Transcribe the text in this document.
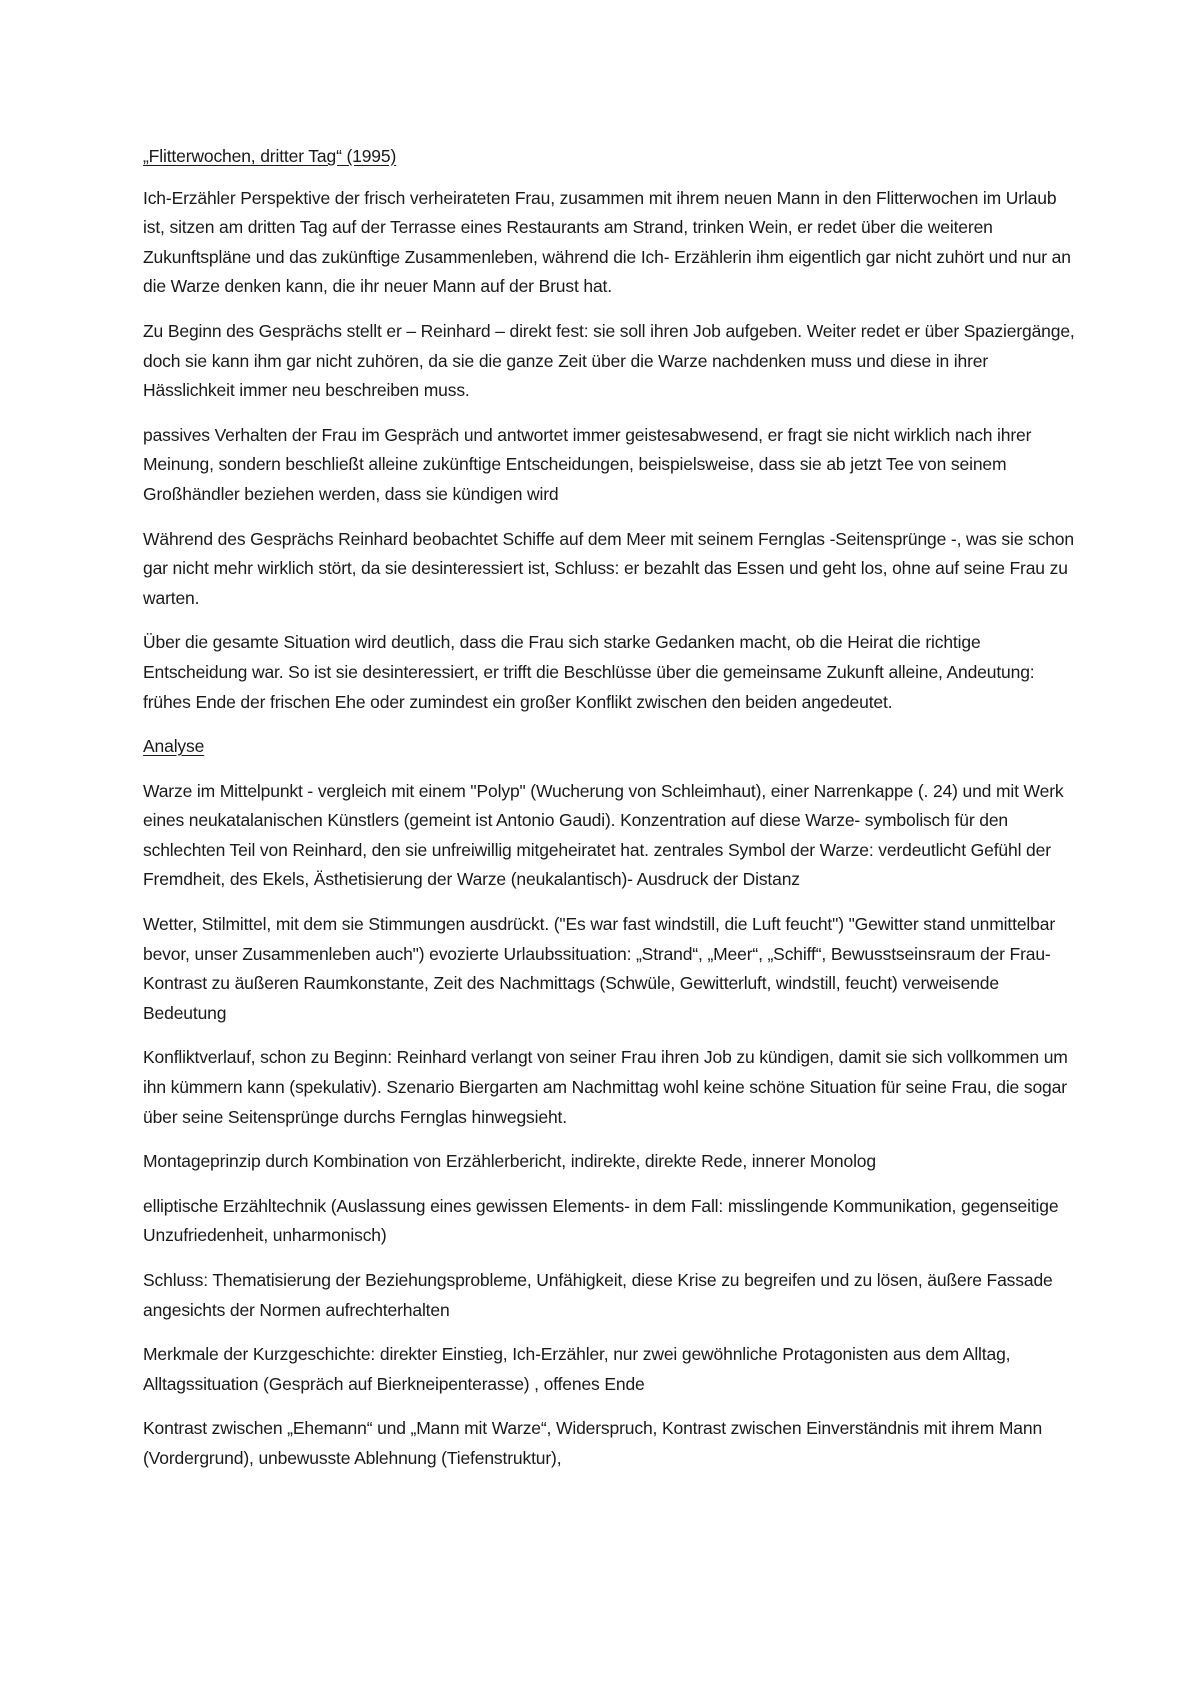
„Flitterwochen, dritter Tag“ (1995)

Ich-Erzähler Perspektive der frisch verheirateten Frau, zusammen mit ihrem neuen Mann in den Flitterwochen im Urlaub ist, sitzen am dritten Tag auf der Terrasse eines Restaurants am Strand, trinken Wein, er redet über die weiteren Zukunftspläne und das zukünftige Zusammenleben, während die Ich- Erzählerin ihm eigentlich gar nicht zuhört und nur an die Warze denken kann, die ihr neuer Mann auf der Brust hat.

Zu Beginn des Gesprächs stellt er – Reinhard – direkt fest: sie soll ihren Job aufgeben. Weiter redet er über Spaziergänge, doch sie kann ihm gar nicht zuhören, da sie die ganze Zeit über die Warze nachdenken muss und diese in ihrer Hässlichkeit immer neu beschreiben muss.

passives Verhalten der Frau im Gespräch und antwortet immer geistesabwesend, er fragt sie nicht wirklich nach ihrer Meinung, sondern beschließt alleine zukünftige Entscheidungen, beispielsweise, dass sie ab jetzt Tee von seinem Großhändler beziehen werden, dass sie kündigen wird

Während des Gesprächs Reinhard beobachtet Schiffe auf dem Meer mit seinem Fernglas -Seitensprünge -, was sie schon gar nicht mehr wirklich stört, da sie desinteressiert ist, Schluss: er bezahlt das Essen und geht los, ohne auf seine Frau zu warten.

Über die gesamte Situation wird deutlich, dass die Frau sich starke Gedanken macht, ob die Heirat die richtige Entscheidung war. So ist sie desinteressiert, er trifft die Beschlüsse über die gemeinsame Zukunft alleine, Andeutung: frühes Ende der frischen Ehe oder zumindest ein großer Konflikt zwischen den beiden angedeutet.

Analyse

Warze im Mittelpunkt - vergleich mit einem "Polyp" (Wucherung von Schleimhaut), einer Narrenkappe (. 24) und mit Werk eines neukatalanischen Künstlers (gemeint ist Antonio Gaudi). Konzentration auf diese Warze- symbolisch für den schlechten Teil von Reinhard, den sie unfreiwillig mitgeheiratet hat. zentrales Symbol der Warze: verdeutlicht Gefühl der Fremdheit, des Ekels, Ästhetisierung der Warze (neukalantisch)- Ausdruck der Distanz

Wetter, Stilmittel, mit dem sie Stimmungen ausdrückt. ("Es war fast windstill, die Luft feucht") "Gewitter stand unmittelbar bevor, unser Zusammenleben auch") evozierte Urlaubssituation: „Strand“, „Meer“, „Schiff“, Bewusstseinsraum der Frau- Kontrast zu äußeren Raumkonstante, Zeit des Nachmittags (Schwüle, Gewitterluft, windstill, feucht) verweisende Bedeutung

Konfliktverlauf, schon zu Beginn: Reinhard verlangt von seiner Frau ihren Job zu kündigen, damit sie sich vollkommen um ihn kümmern kann (spekulativ). Szenario Biergarten am Nachmittag wohl keine schöne Situation für seine Frau, die sogar über seine Seitensprünge durchs Fernglas hinwegsieht.

Montageprinzip durch Kombination von Erzählerbericht, indirekte, direkte Rede, innerer Monolog

elliptische Erzähltechnik (Auslassung eines gewissen Elements- in dem Fall: misslingende Kommunikation, gegenseitige Unzufriedenheit, unharmonisch)

Schluss: Thematisierung der Beziehungsprobleme, Unfähigkeit, diese Krise zu begreifen und zu lösen, äußere Fassade angesichts der Normen aufrechterhalten

Merkmale der Kurzgeschichte: direkter Einstieg, Ich-Erzähler, nur zwei gewöhnliche Protagonisten aus dem Alltag, Alltagssituation (Gespräch auf Bierkneipenterasse) , offenes Ende

Kontrast zwischen „Ehemann“ und „Mann mit Warze“, Widerspruch, Kontrast zwischen Einverständnis mit ihrem Mann (Vordergrund), unbewusste Ablehnung (Tiefenstruktur),
